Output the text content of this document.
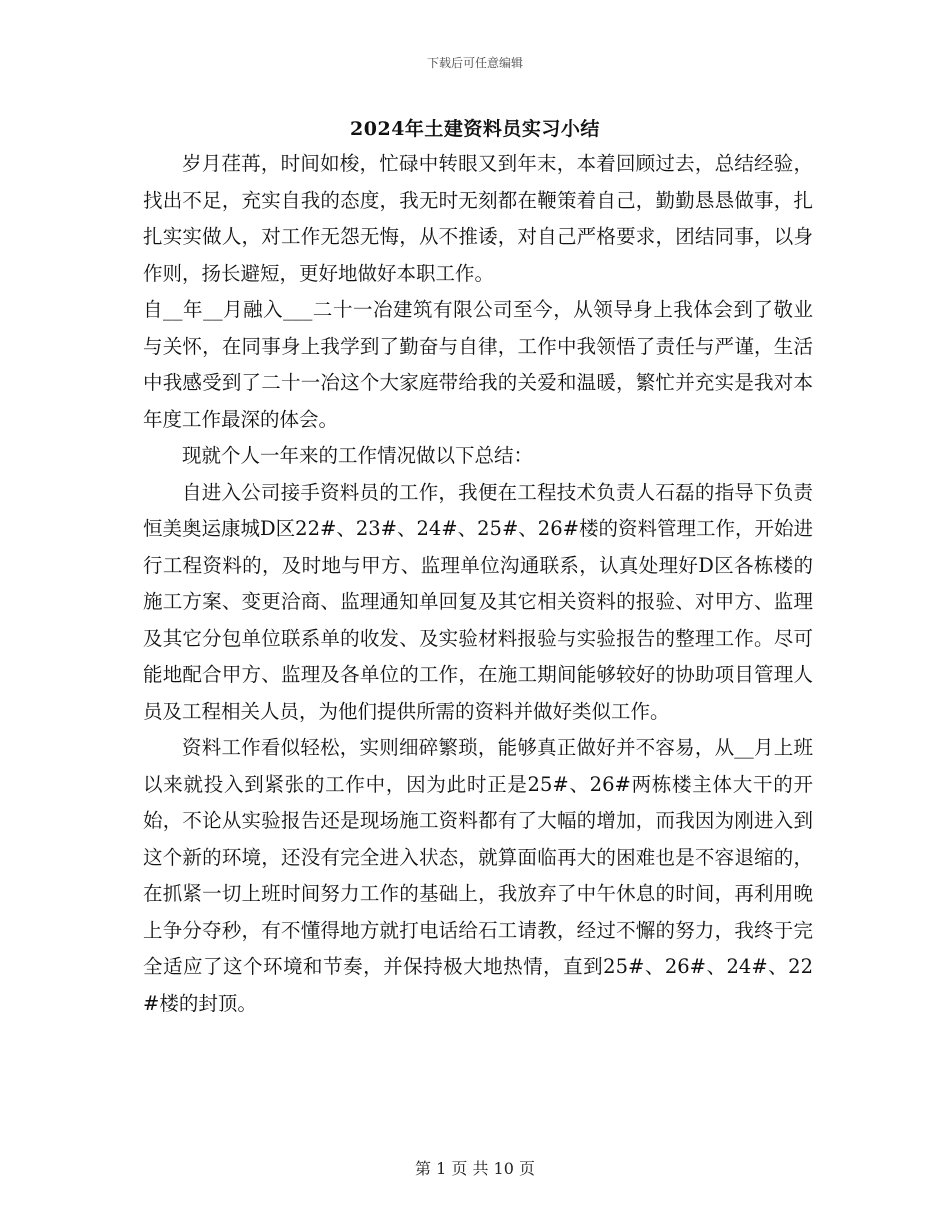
下载后可任意编辑
2024年土建资料员实习小结

岁月荏苒，时间如梭，忙碌中转眼又到年末，本着回顾过去，总结经验，找出不足，充实自我的态度，我无时无刻都在鞭策着自己，勤勤恳恳做事，扎扎实实做人，对工作无怨无悔，从不推诿，对自己严格要求，团结同事，以身作则，扬长避短，更好地做好本职工作。

自__年__月融入___二十一冶建筑有限公司至今，从领导身上我体会到了敬业与关怀，在同事身上我学到了勤奋与自律，工作中我领悟了责任与严谨，生活中我感受到了二十一冶这个大家庭带给我的关爱和温暖，繁忙并充实是我对本年度工作最深的体会。

现就个人一年来的工作情况做以下总结：

自进入公司接手资料员的工作，我便在工程技术负责人石磊的指导下负责恒美奥运康城D区22#、23#、24#、25#、26#楼的资料管理工作，开始进行工程资料的，及时地与甲方、监理单位沟通联系，认真处理好D区各栋楼的施工方案、变更洽商、监理通知单回复及其它相关资料的报验、对甲方、监理及其它分包单位联系单的收发、及实验材料报验与实验报告的整理工作。尽可能地配合甲方、监理及各单位的工作，在施工期间能够较好的协助项目管理人员及工程相关人员，为他们提供所需的资料并做好类似工作。

资料工作看似轻松，实则细碎繁琐，能够真正做好并不容易，从__月上班以来就投入到紧张的工作中，因为此时正是25#、26#两栋楼主体大干的开始，不论从实验报告还是现场施工资料都有了大幅的增加，而我因为刚进入到这个新的环境，还没有完全进入状态，就算面临再大的困难也是不容退缩的，在抓紧一切上班时间努力工作的基础上，我放弃了中午休息的时间，再利用晚上争分夺秒，有不懂得地方就打电话给石工请教，经过不懈的努力，我终于完全适应了这个环境和节奏，并保持极大地热情，直到25#、26#、24#、22#楼的封顶。

第 1 页 共 10 页
